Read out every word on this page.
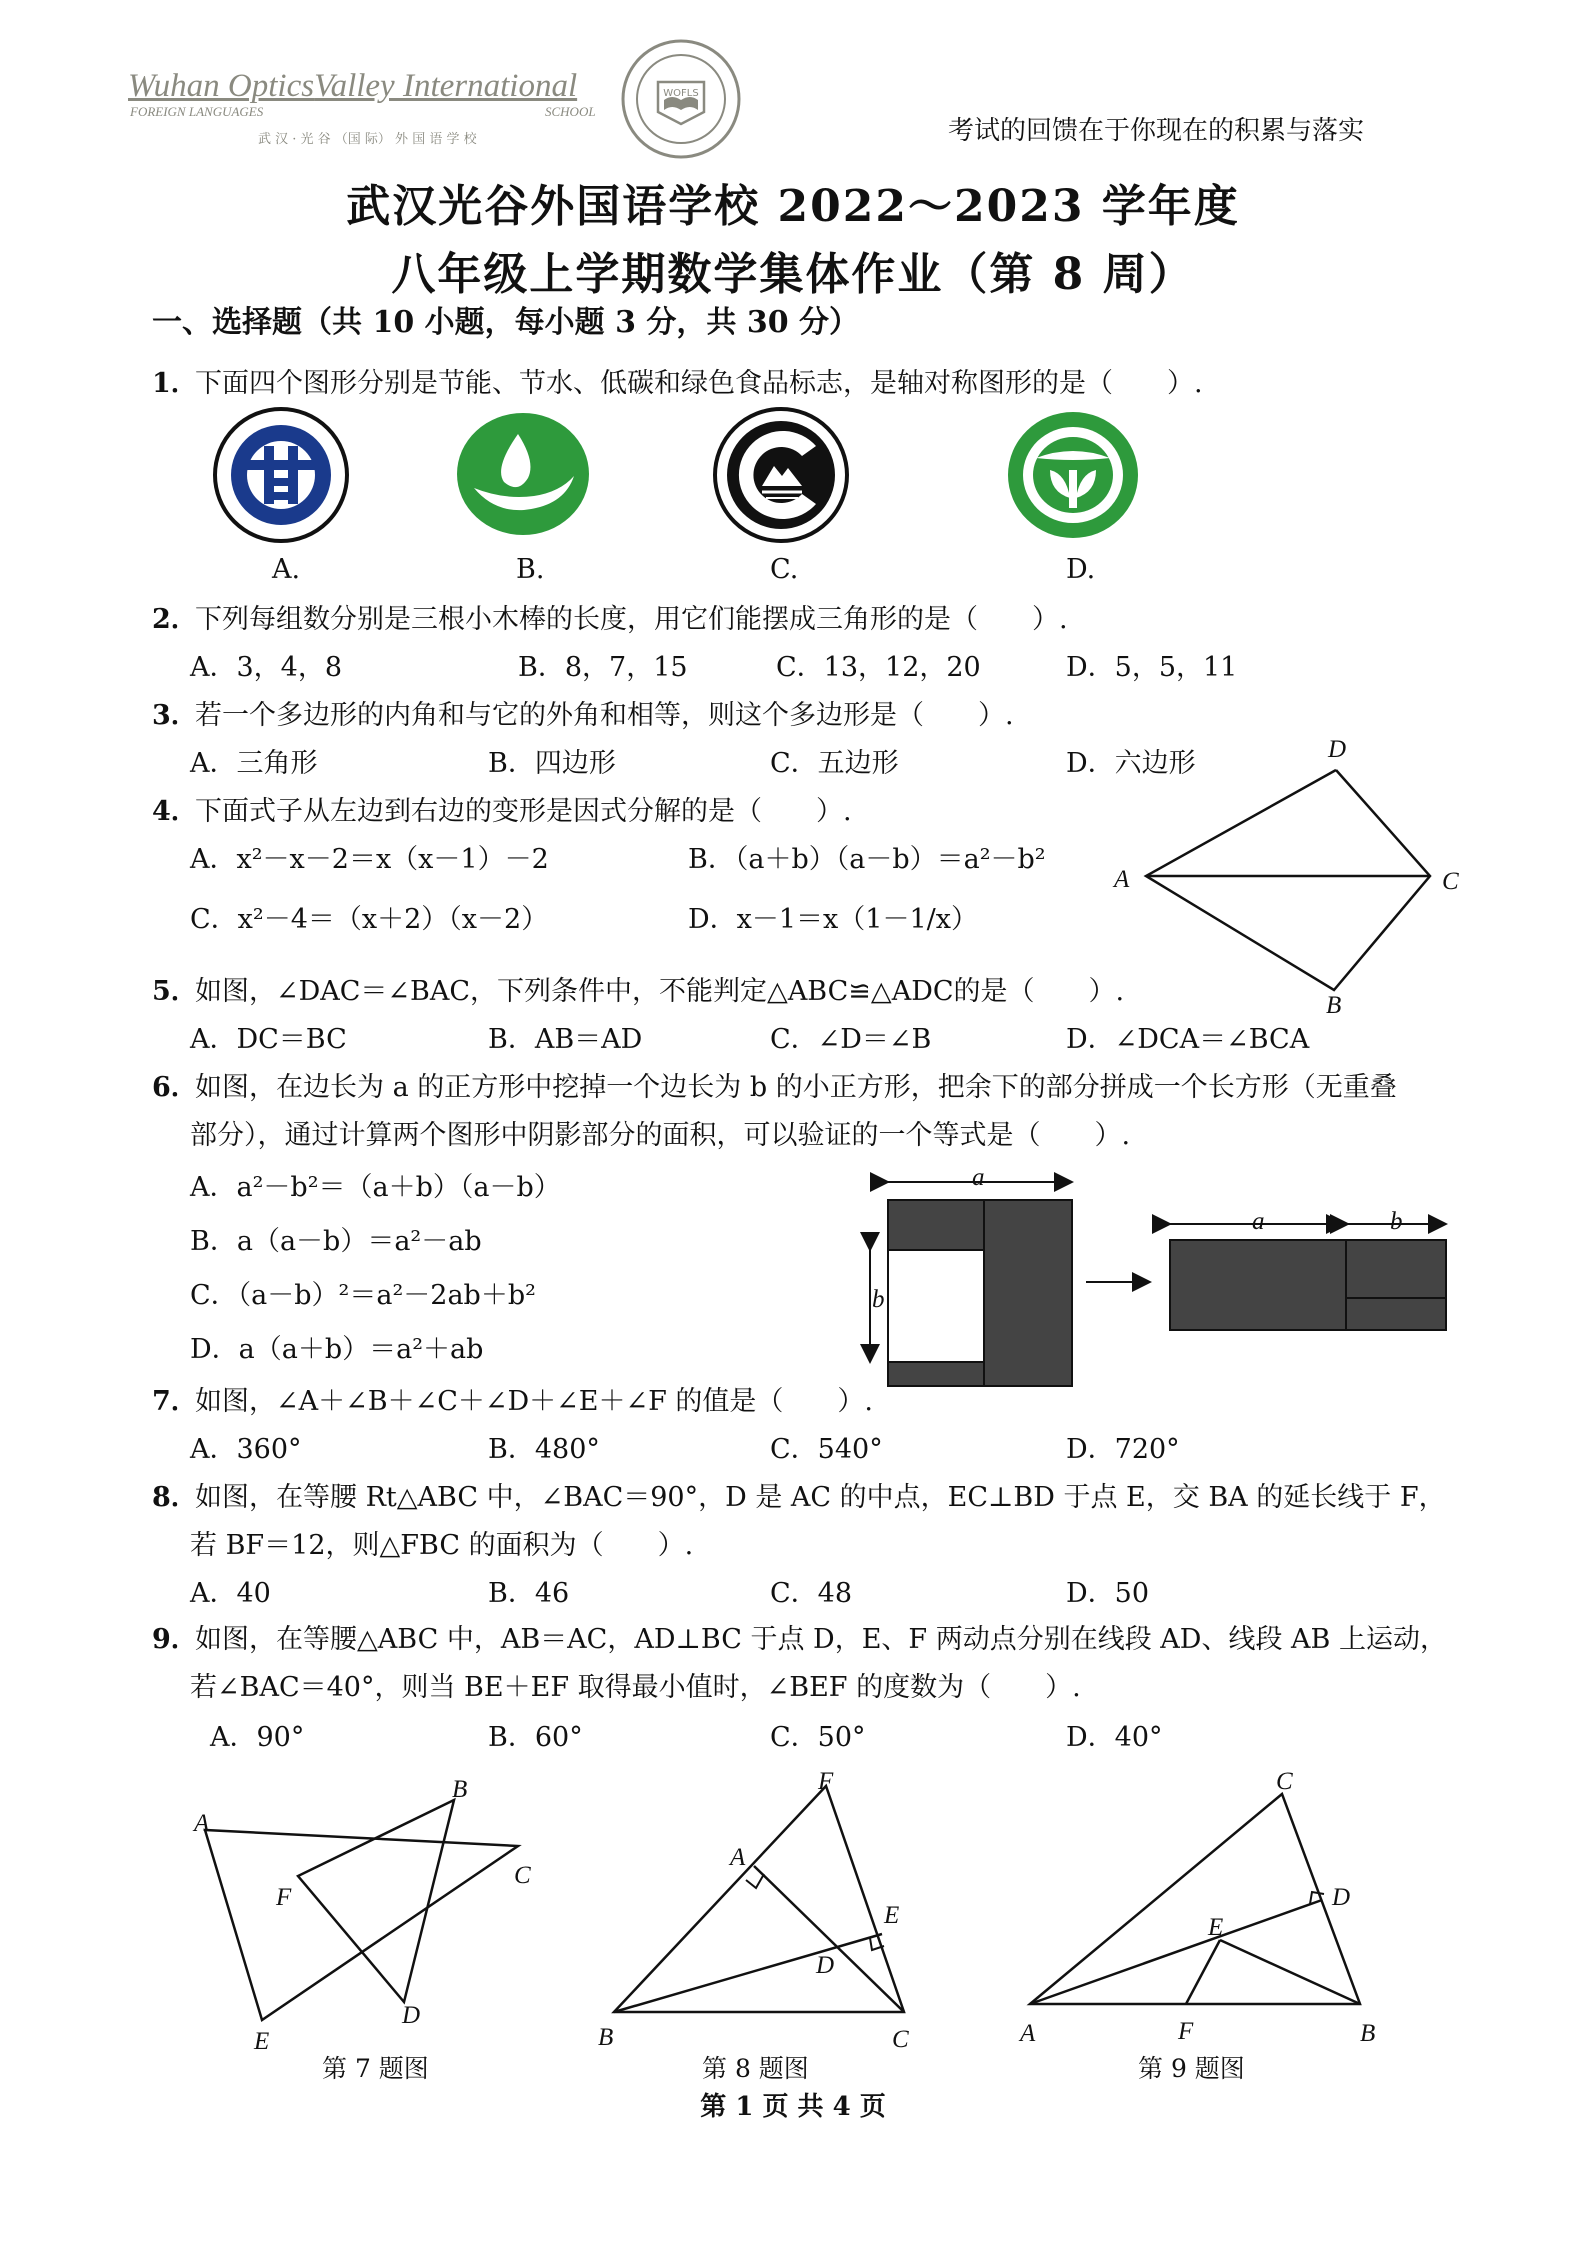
Wuhan OpticsValley International
FOREIGN LANGUAGES	SCHOOL
武 汉 · 光 谷 （国 际） 外 国 语 学 校
WOFLS
考试的回馈在于你现在的积累与落实
武汉光谷外国语学校 2022～2023 学年度
八年级上学期数学集体作业（第 8 周）
一、选择题（共 10 小题，每小题 3 分，共 30 分）
1．
下面四个图形分别是节能、节水、低碳和绿色食品标志，是轴对称图形的是（　　）.
A.	B.	C.	D.
2．
下列每组数分别是三根小木棒的长度，用它们能摆成三角形的是（　　）.
A．3，4，8	B．8，7，15	C．13，12，20	D．5，5，11
3．
若一个多边形的内角和与它的外角和相等，则这个多边形是（　　）.
A．三角形	B．四边形	C．五边形	D．六边形	D
A	C
B
4．
下面式子从左边到右边的变形是因式分解的是（　　）.
A．x²－x－2＝x（x－1）－2	B．（a＋b）（a－b）＝a²－b²
C．x²－4＝（x＋2）（x－2）	D．x－1＝x（1－1/x）
5．
如图，∠DAC＝∠BAC，下列条件中，不能判定△ABC≌△ADC的是（　　）.
A．DC＝BC	B．AB＝AD	C．∠D＝∠B	D．∠DCA＝∠BCA
6．
如图，在边长为 a 的正方形中挖掉一个边长为 b 的小正方形，把余下的部分拼成一个长方形（无重叠
部分），通过计算两个图形中阴影部分的面积，可以验证的一个等式是（　　）.
A．a²－b²＝（a＋b）（a－b）
B．a（a－b）＝a²－ab
C．（a－b）²＝a²－2ab＋b²
D．a（a＋b）＝a²＋ab
a
b
a	b
7．
如图，∠A＋∠B＋∠C＋∠D＋∠E＋∠F 的值是（　　）.
A．360°	B．480°	C．540°	D．720°
8．
如图，在等腰 Rt△ABC 中，∠BAC＝90°，D 是 AC 的中点，EC⊥BD 于点 E，交 BA 的延长线于 F，
若 BF＝12，则△FBC 的面积为（　　）.
A．40	B．46	C．48	D．50
9．
如图，在等腰△ABC 中，AB＝AC，AD⊥BC 于点 D，E、F 两动点分别在线段 AD、线段 AB 上运动，
若∠BAC＝40°，则当 BE＋EF 取得最小值时，∠BEF 的度数为（　　）.
A．90°	B．60°	C．50°	D．40°
A
B
C
F
D
E
第 7 题图
F
A
E
D
B	C
第 8 题图
C
D
E
A	F	B
第 9 题图
第 1 页 共 4 页
